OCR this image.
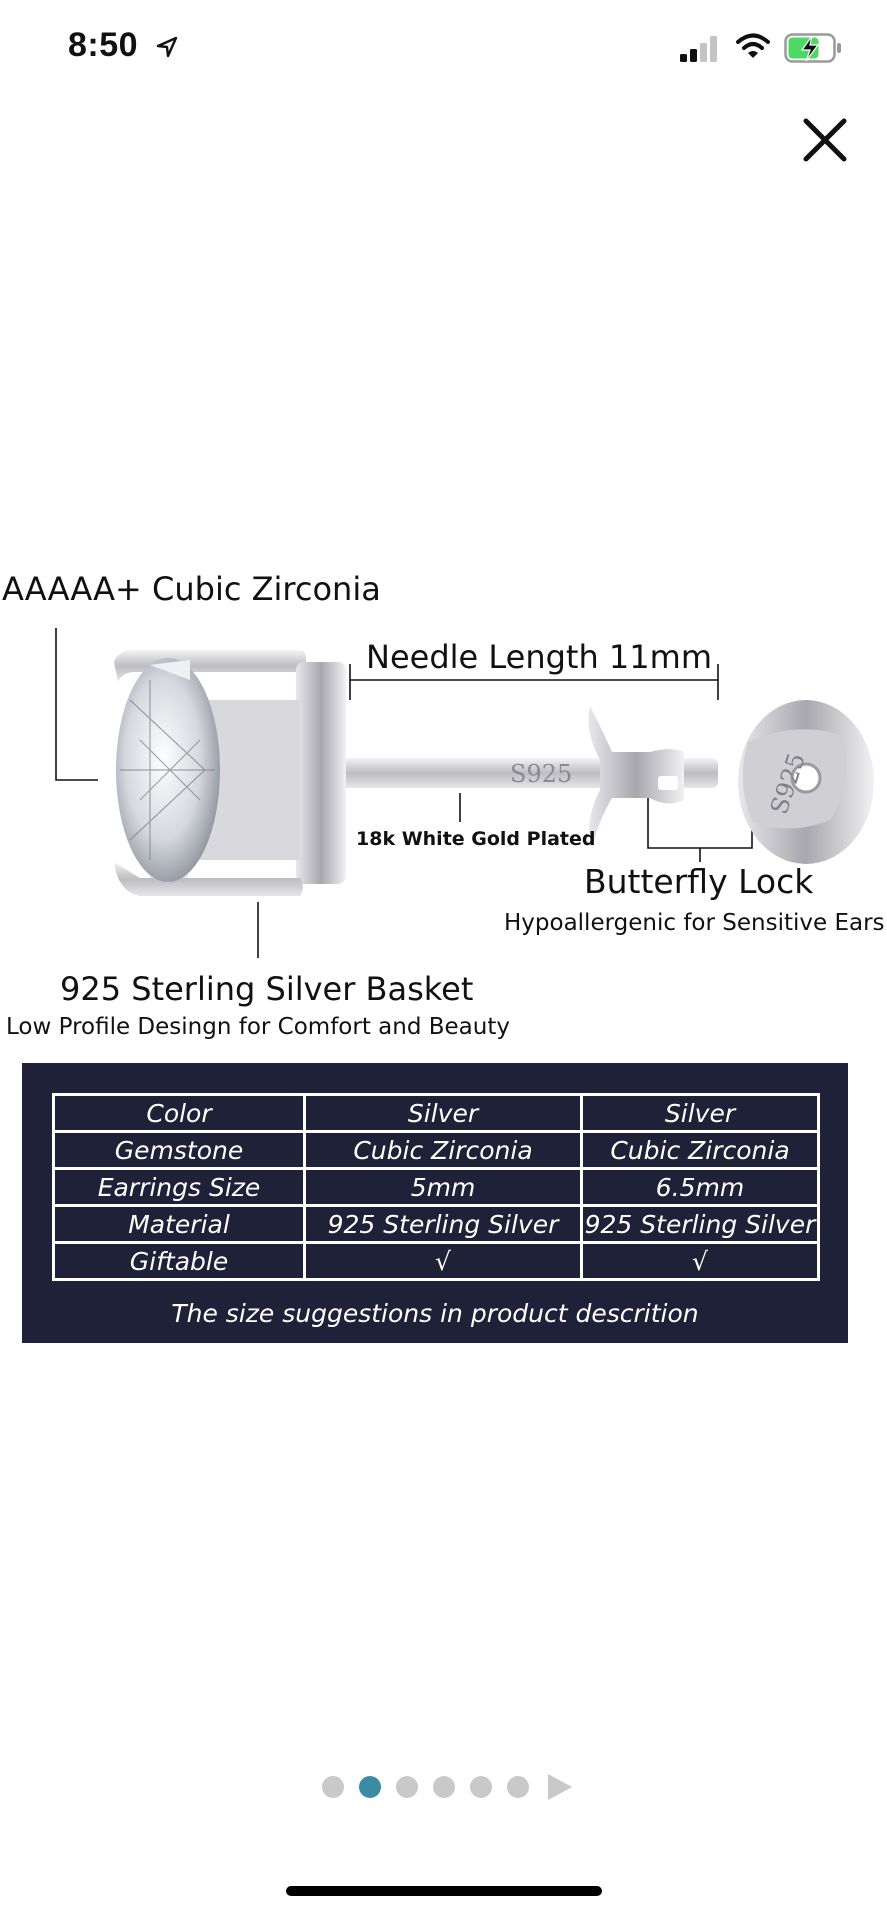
8:50
S925	S925
AAAAA+ Cubic Zirconia
Needle Length 11mm
18k White Gold Plated
Butterfly Lock
Hypoallergenic for Sensitive Ears
925 Sterling Silver Basket
Low Profile Desingn for Comfort and Beauty
Color	Silver	Silver
Gemstone	Cubic Zirconia	Cubic Zirconia
Earrings Size	5mm	6.5mm
Material	925 Sterling Silver	925 Sterling Silver
Giftable	√	√
The size suggestions in product descrition
